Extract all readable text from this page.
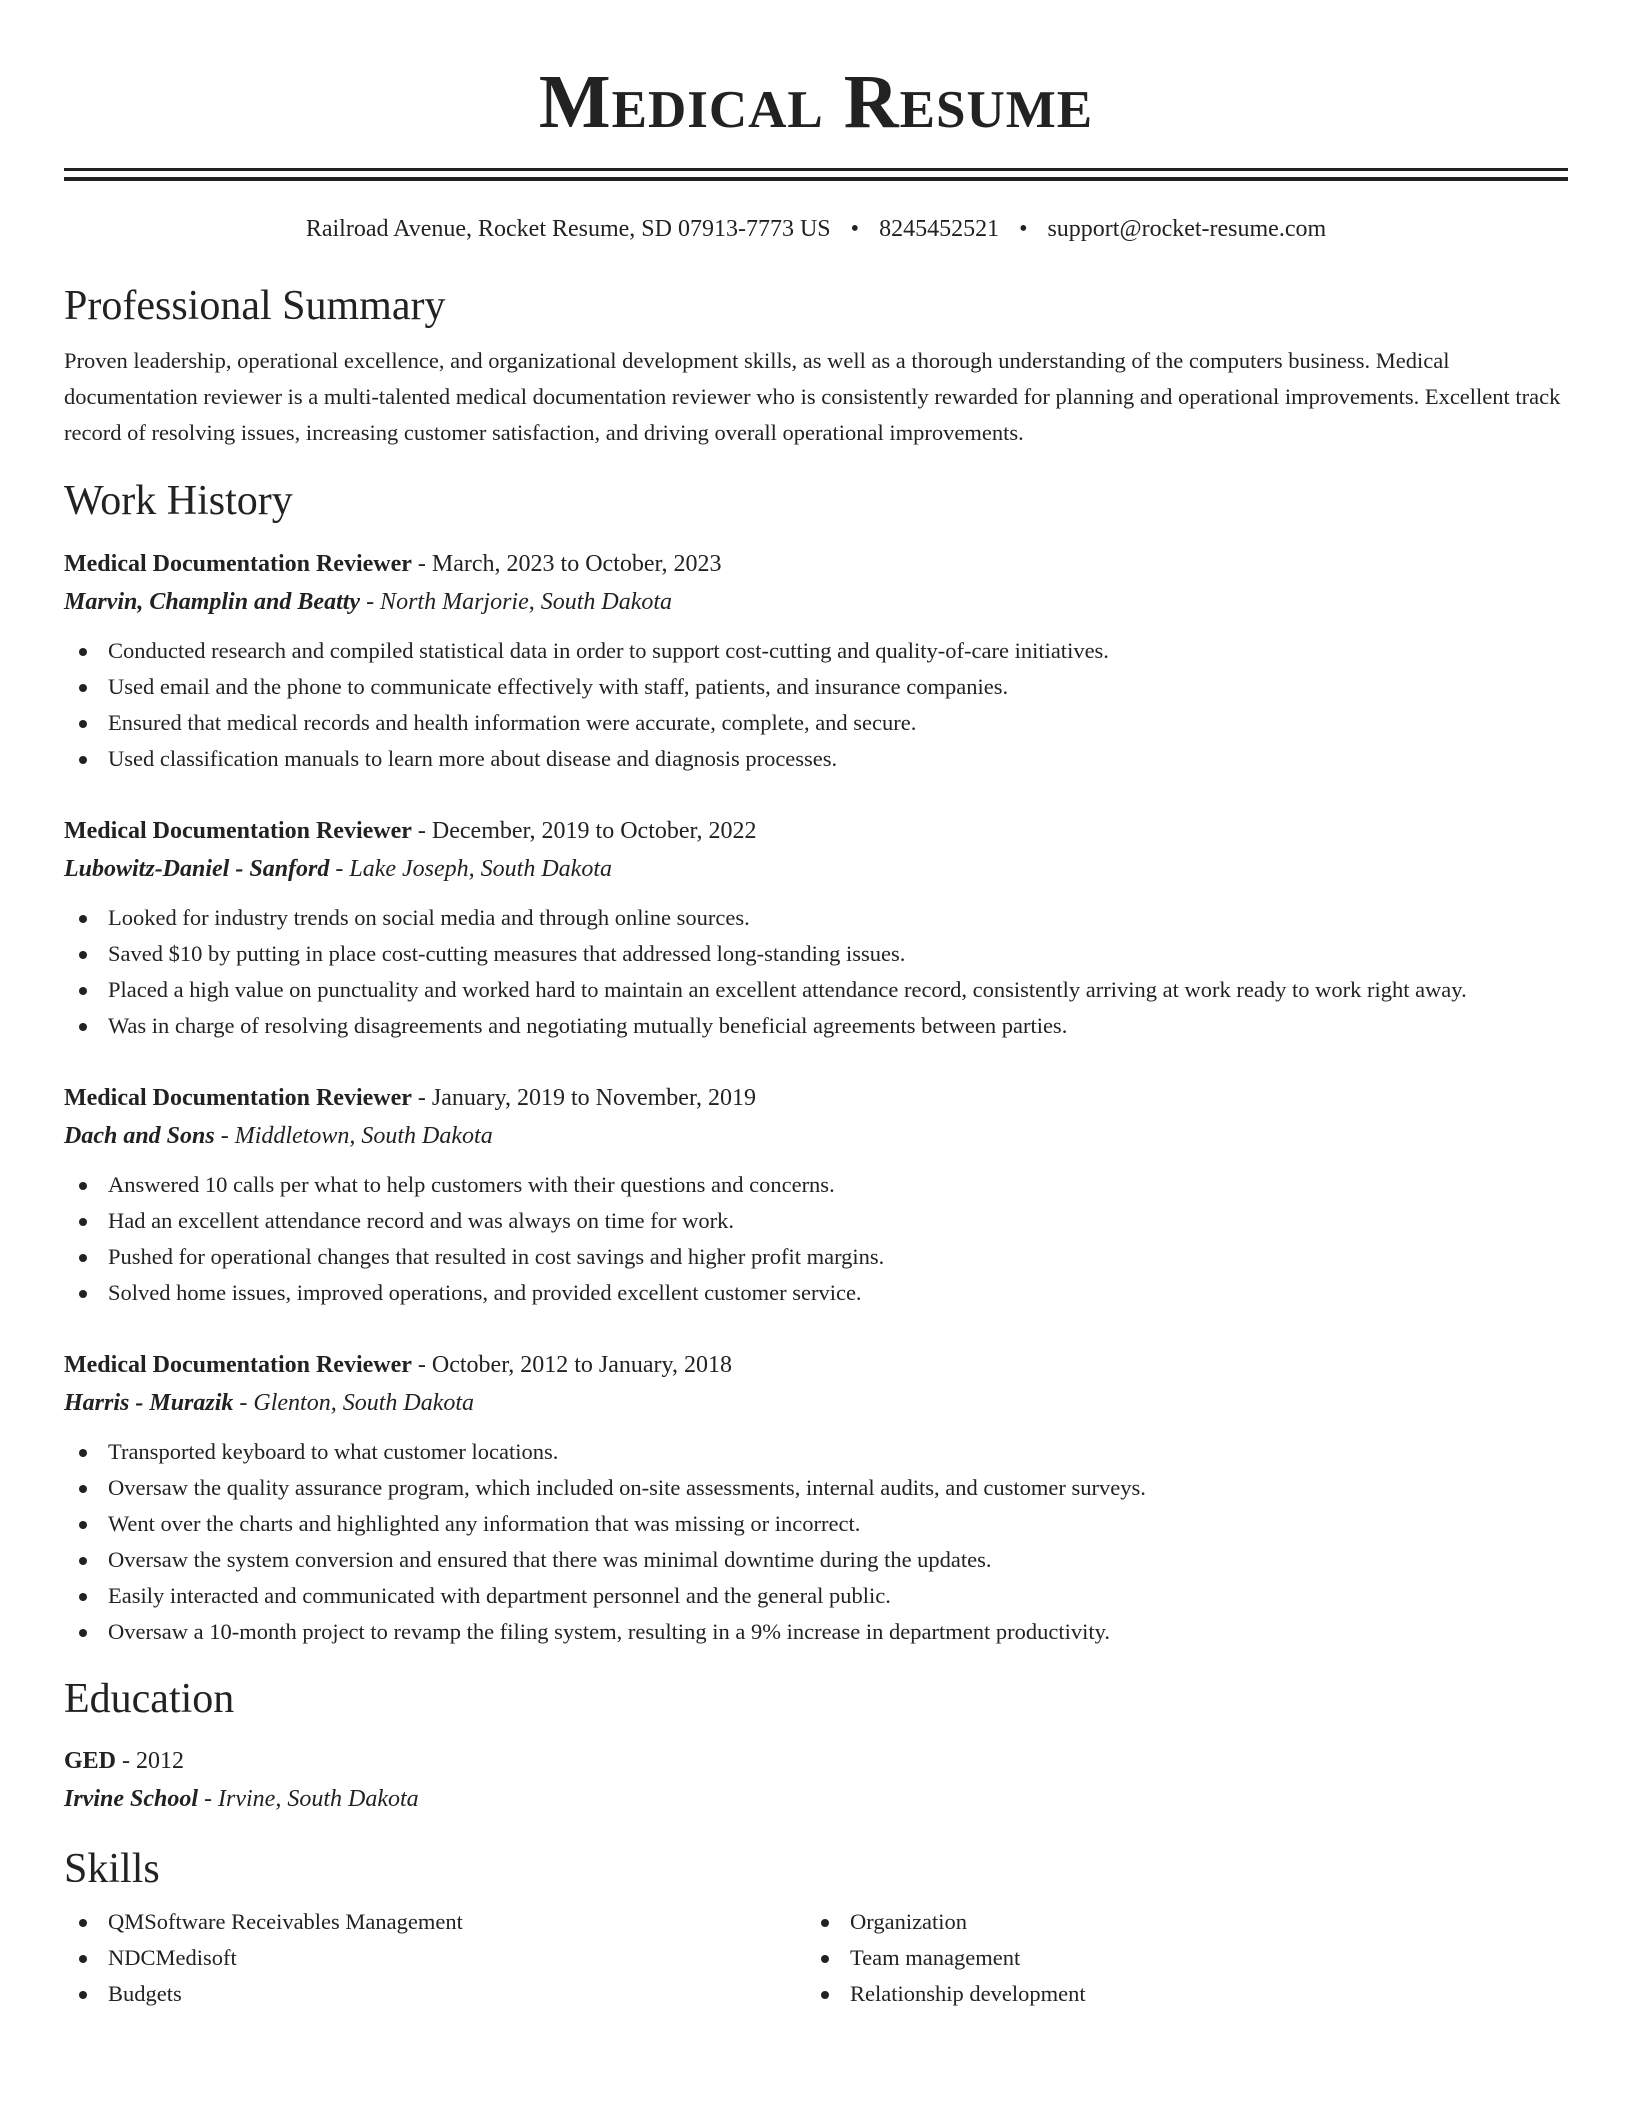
Medical Resume
Railroad Avenue, Rocket Resume, SD 07913-7773 US • 8245452521 • support@rocket-resume.com
Professional Summary

Proven leadership, operational excellence, and organizational development skills, as well as a thorough understanding of the computers business. Medical documentation reviewer is a multi-talented medical documentation reviewer who is consistently rewarded for planning and operational improvements. Excellent track record of resolving issues, increasing customer satisfaction, and driving overall operational improvements.

Work History
Medical Documentation Reviewer - March, 2023 to October, 2023
Marvin, Champlin and Beatty - North Marjorie, South Dakota
Conducted research and compiled statistical data in order to support cost-cutting and quality-of-care initiatives.
Used email and the phone to communicate effectively with staff, patients, and insurance companies.
Ensured that medical records and health information were accurate, complete, and secure.
Used classification manuals to learn more about disease and diagnosis processes.
Medical Documentation Reviewer - December, 2019 to October, 2022
Lubowitz-Daniel - Sanford - Lake Joseph, South Dakota
Looked for industry trends on social media and through online sources.
Saved $10 by putting in place cost-cutting measures that addressed long-standing issues.
Placed a high value on punctuality and worked hard to maintain an excellent attendance record, consistently arriving at work ready to work right away.
Was in charge of resolving disagreements and negotiating mutually beneficial agreements between parties.
Medical Documentation Reviewer - January, 2019 to November, 2019
Dach and Sons - Middletown, South Dakota
Answered 10 calls per what to help customers with their questions and concerns.
Had an excellent attendance record and was always on time for work.
Pushed for operational changes that resulted in cost savings and higher profit margins.
Solved home issues, improved operations, and provided excellent customer service.
Medical Documentation Reviewer - October, 2012 to January, 2018
Harris - Murazik - Glenton, South Dakota
Transported keyboard to what customer locations.
Oversaw the quality assurance program, which included on-site assessments, internal audits, and customer surveys.
Went over the charts and highlighted any information that was missing or incorrect.
Oversaw the system conversion and ensured that there was minimal downtime during the updates.
Easily interacted and communicated with department personnel and the general public.
Oversaw a 10-month project to revamp the filing system, resulting in a 9% increase in department productivity.
Education
GED - 2012
Irvine School - Irvine, South Dakota
Skills
QMSoftware Receivables Management
NDCMedisoft
Budgets
Organization
Team management
Relationship development
